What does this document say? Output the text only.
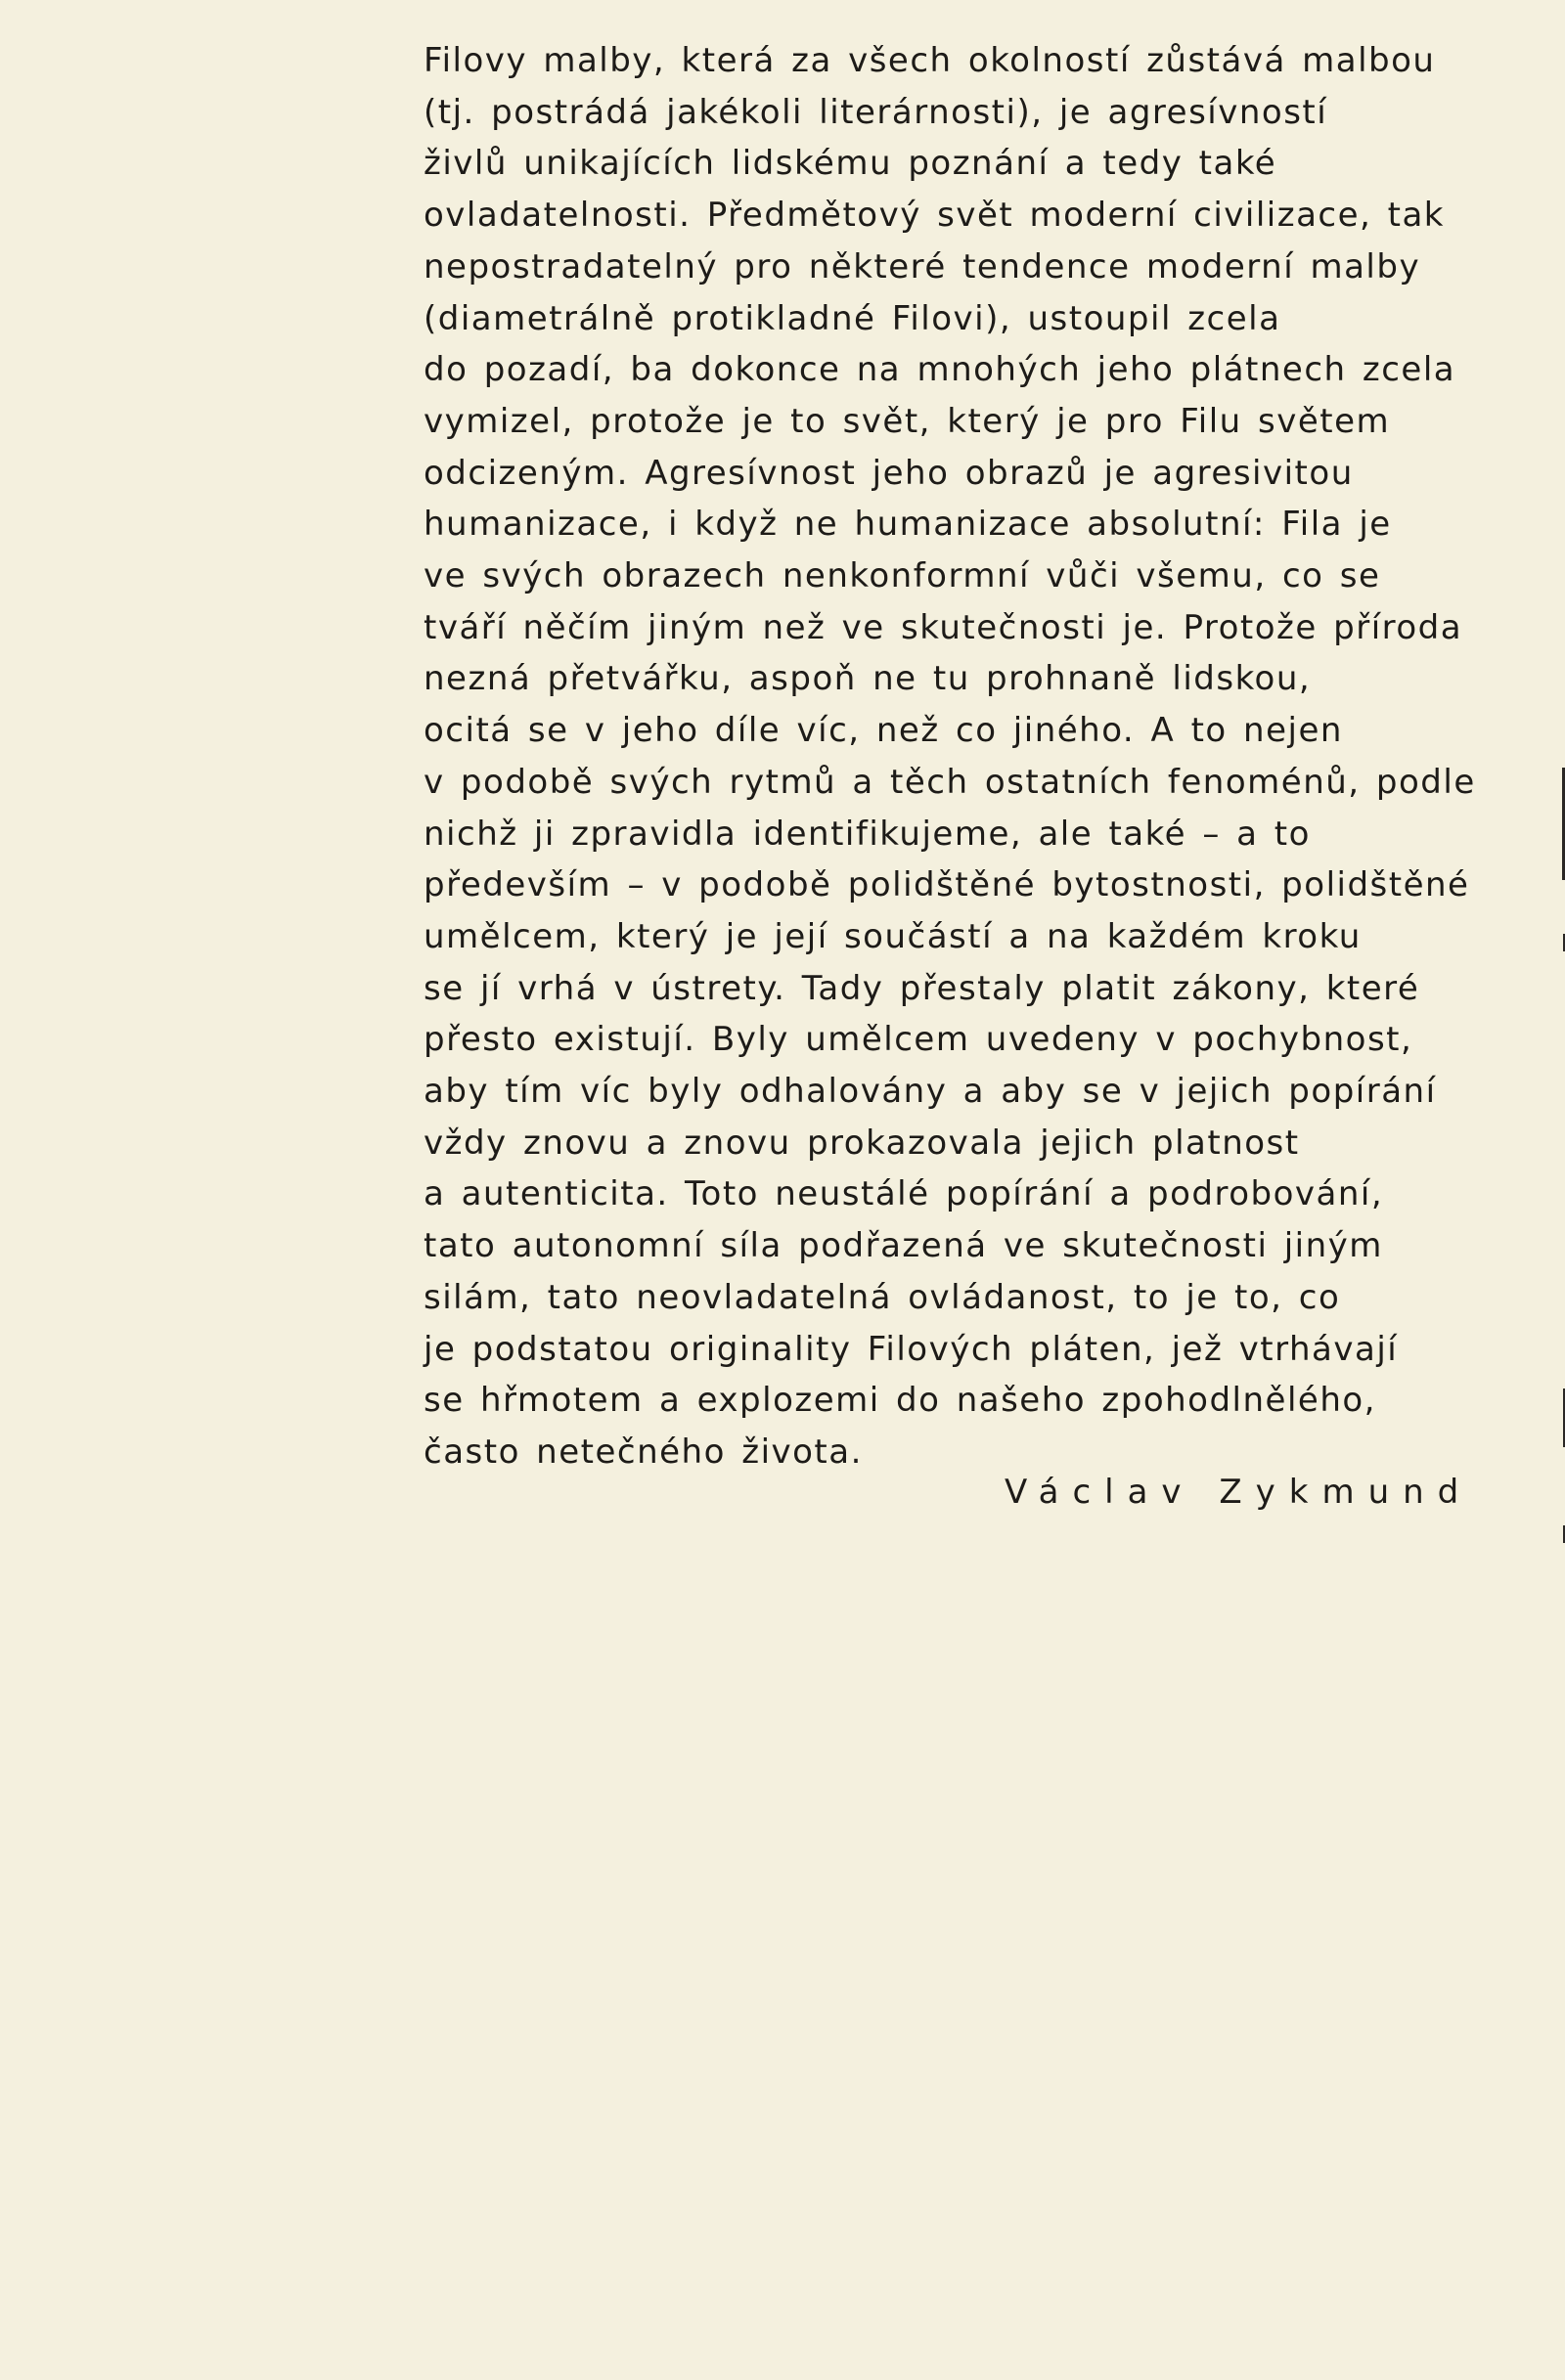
Filovy malby, která za všech okolností zůstává malbou
(tj. postrádá jakékoli literárnosti), je agresívností
živlů unikajících lidskému poznání a tedy také
ovladatelnosti. Předmětový svět moderní civilizace, tak
nepostradatelný pro některé tendence moderní malby
(diametrálně protikladné Filovi), ustoupil zcela
do pozadí, ba dokonce na mnohých jeho plátnech zcela
vymizel, protože je to svět, který je pro Filu světem
odcizeným. Agresívnost jeho obrazů je agresivitou
humanizace, i když ne humanizace absolutní: Fila je
ve svých obrazech nenkonformní vůči všemu, co se
tváří něčím jiným než ve skutečnosti je. Protože příroda
nezná přetvářku, aspoň ne tu prohnaně lidskou,
ocitá se v jeho díle víc, než co jiného. A to nejen
v podobě svých rytmů a těch ostatních fenoménů, podle
nichž ji zpravidla identifikujeme, ale také – a to
především – v podobě polidštěné bytostnosti, polidštěné
umělcem, který je její součástí a na každém kroku
se jí vrhá v ústrety. Tady přestaly platit zákony, které
přesto existují. Byly umělcem uvedeny v pochybnost,
aby tím víc byly odhalovány a aby se v jejich popírání
vždy znovu a znovu prokazovala jejich platnost
a autenticita. Toto neustálé popírání a podrobování,
tato autonomní síla podřazená ve skutečnosti jiným
silám, tato neovladatelná ovládanost, to je to, co
je podstatou originality Filových pláten, jež vtrhávají
se hřmotem a explozemi do našeho zpohodlnělého,
často netečného života.
Václav Zykmund
